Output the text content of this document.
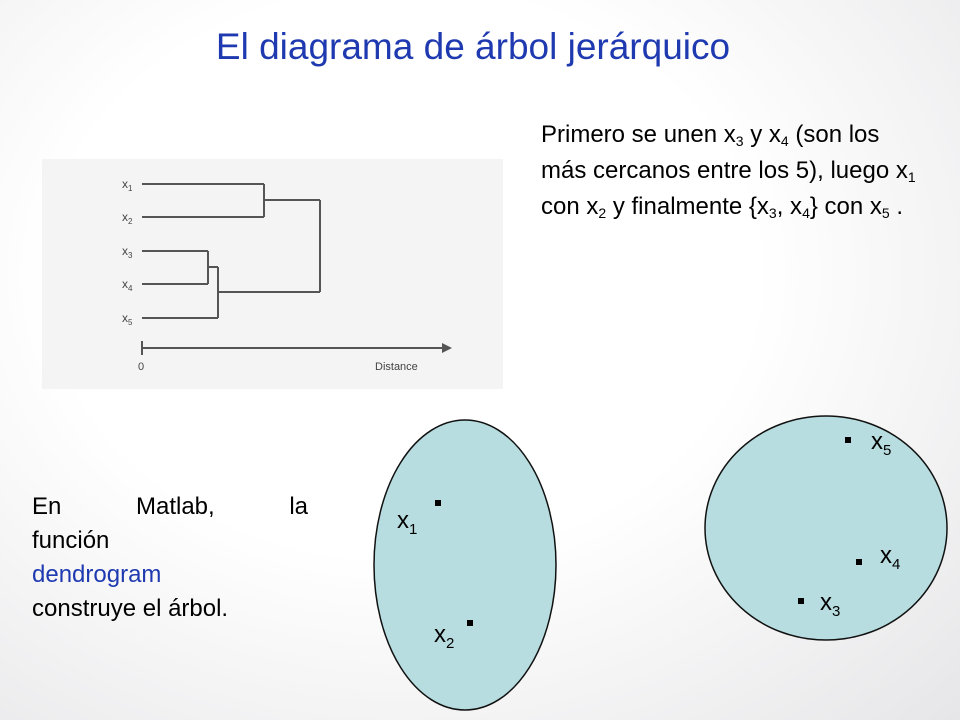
El diagrama de árbol jerárquico
$x_1$
$x_2$
$x_3$
$x_4$
$x_5$
0	Distance
Primero se unen $x_3$ y $x_4$ (son los más cercanos entre los 5), luego $x_1$ con $x_2$ y finalmente {$x_3$, $x_4$} con $x_5$ .
En	Matlab,	la
función
dendrogram
construye el árbol.
$x_1$
$x_2$
$x_5$
$x_4$
$x_3$
